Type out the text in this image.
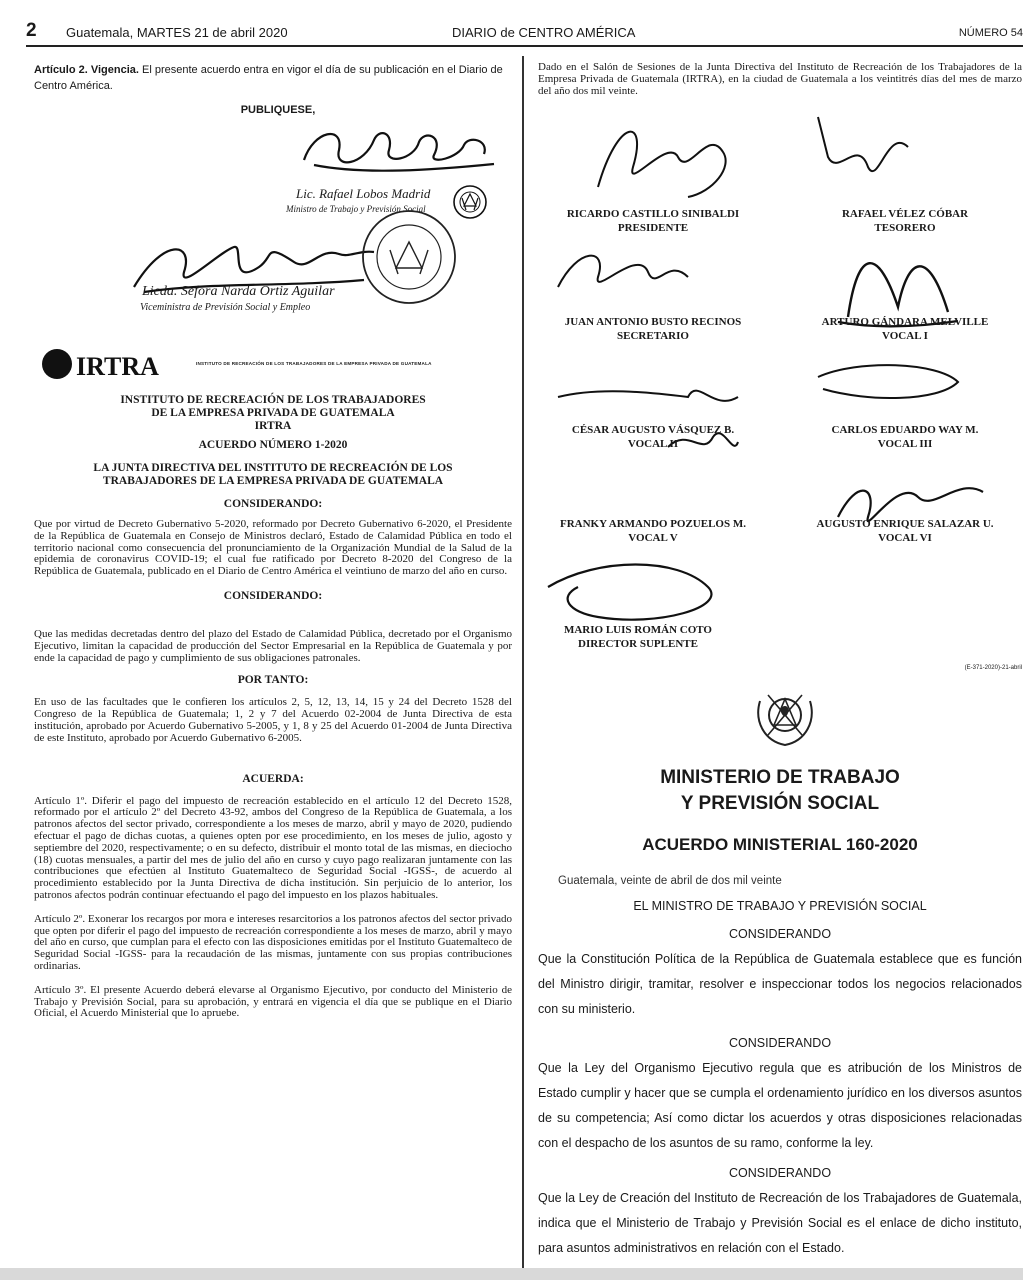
2 Guatemala, MARTES 21 de abril 2020	DIARIO de CENTRO AMÉRICA	NÚMERO 54

Artículo 2. Vigencia. El presente acuerdo entra en vigor el día de su publicación en el Diario de Centro América.

PUBLIQUESE,

Lic. Rafael Lobos Madrid
Ministro de Trabajo y Previsión Social
Licda. Sefora Narda Ortiz Aguilar
Viceministra de Previsión Social y Empleo
IRTRA	INSTITUTO DE RECREACIÓN DE LOS TRABAJADORES DE LA EMPRESA PRIVADA DE GUATEMALA

INSTITUTO DE RECREACIÓN DE LOS TRABAJADORES

DE LA EMPRESA PRIVADA DE GUATEMALA

IRTRA

ACUERDO NÚMERO 1-2020

LA JUNTA DIRECTIVA DEL INSTITUTO DE RECREACIÓN DE LOS

TRABAJADORES DE LA EMPRESA PRIVADA DE GUATEMALA

CONSIDERANDO:

Que por virtud de Decreto Gubernativo 5-2020, reformado por Decreto Gubernativo 6-2020, el Presidente de la República de Guatemala en Consejo de Ministros declaró, Estado de Calamidad Pública en todo el territorio nacional como consecuencia del pronunciamiento de la Organización Mundial de la Salud de la epidemia de coronavirus COVID-19; el cual fue ratificado por Decreto 8-2020 del Congreso de la República de Guatemala, publicado en el Diario de Centro América el veintiuno de marzo del año en curso.

CONSIDERANDO:

Que las medidas decretadas dentro del plazo del Estado de Calamidad Pública, decretado por el Organismo Ejecutivo, limitan la capacidad de producción del Sector Empresarial en la República de Guatemala y por ende la capacidad de pago y cumplimiento de sus obligaciones patronales.

POR TANTO:

En uso de las facultades que le confieren los artículos 2, 5, 12, 13, 14, 15 y 24 del Decreto 1528 del Congreso de la República de Guatemala; 1, 2 y 7 del Acuerdo 02-2004 de Junta Directiva de esta institución, aprobado por Acuerdo Gubernativo 5-2005, y 1, 8 y 25 del Acuerdo 01-2004 de Junta Directiva de este Instituto, aprobado por Acuerdo Gubernativo 6-2005.

ACUERDA:

Artículo 1º. Diferir el pago del impuesto de recreación establecido en el artículo 12 del Decreto 1528, reformado por el artículo 2º del Decreto 43-92, ambos del Congreso de la República de Guatemala, a los patronos afectos del sector privado, correspondiente a los meses de marzo, abril y mayo de 2020, pudiendo efectuar el pago de dichas cuotas, a quienes opten por ese procedimiento, en los meses de julio, agosto y septiembre del 2020, respectivamente; o en su defecto, distribuir el monto total de las mismas, en dieciocho (18) cuotas mensuales, a partir del mes de julio del año en curso y cuyo pago realizaran juntamente con las contribuciones que efectúen al Instituto Guatemalteco de Seguridad Social -IGSS-, de acuerdo al procedimiento establecido por la Junta Directiva de dicha institución. Sin perjuicio de lo anterior, los patronos afectos podrán continuar efectuando el pago del impuesto en los plazos habituales.

Artículo 2º. Exonerar los recargos por mora e intereses resarcitorios a los patronos afectos del sector privado que opten por diferir el pago del impuesto de recreación correspondiente a los meses de marzo, abril y mayo del año en curso, que cumplan para el efecto con las disposiciones emitidas por el Instituto Guatemalteco de Seguridad Social -IGSS- para la recaudación de las mismas, juntamente con sus propias contribuciones ordinarias.

Artículo 3º. El presente Acuerdo deberá elevarse al Organismo Ejecutivo, por conducto del Ministerio de Trabajo y Previsión Social, para su aprobación, y entrará en vigencia el día que se publique en el Diario Oficial, el Acuerdo Ministerial que lo apruebe.

Dado en el Salón de Sesiones de la Junta Directiva del Instituto de Recreación de los Trabajadores de la Empresa Privada de Guatemala (IRTRA), en la ciudad de Guatemala a los veintitrés días del mes de marzo del año dos mil veinte.

RICARDO CASTILLO SINIBALDI
PRESIDENTE
RAFAEL VÉLEZ CÓBAR
TESORERO
JUAN ANTONIO BUSTO RECINOS
SECRETARIO
ARTURO GÁNDARA MELVILLE
VOCAL I
CÉSAR AUGUSTO VÁSQUEZ B.
VOCAL II
CARLOS EDUARDO WAY M.
VOCAL III
FRANKY ARMANDO POZUELOS M.
VOCAL V
AUGUSTO ENRIQUE SALAZAR U.
VOCAL VI
MARIO LUIS ROMÁN COTO
DIRECTOR SUPLENTE
(E-371-2020)-21-abril

MINISTERIO DE TRABAJO

Y PREVISIÓN SOCIAL

ACUERDO MINISTERIAL 160-2020

Guatemala, veinte de abril de dos mil veinte

EL MINISTRO DE TRABAJO Y PREVISIÓN SOCIAL

CONSIDERANDO

Que la Constitución Política de la República de Guatemala establece que es función del Ministro dirigir, tramitar, resolver e inspeccionar todos los negocios relacionados con su ministerio.

CONSIDERANDO

Que la Ley del Organismo Ejecutivo regula que es atribución de los Ministros de Estado cumplir y hacer que se cumpla el ordenamiento jurídico en los diversos asuntos de su competencia; Así como dictar los acuerdos y otras disposiciones relacionadas con el despacho de los asuntos de su ramo, conforme la ley.

CONSIDERANDO

Que la Ley de Creación del Instituto de Recreación de los Trabajadores de Guatemala, indica que el Ministerio de Trabajo y Previsión Social es el enlace de dicho instituto, para asuntos administrativos en relación con el Estado.
